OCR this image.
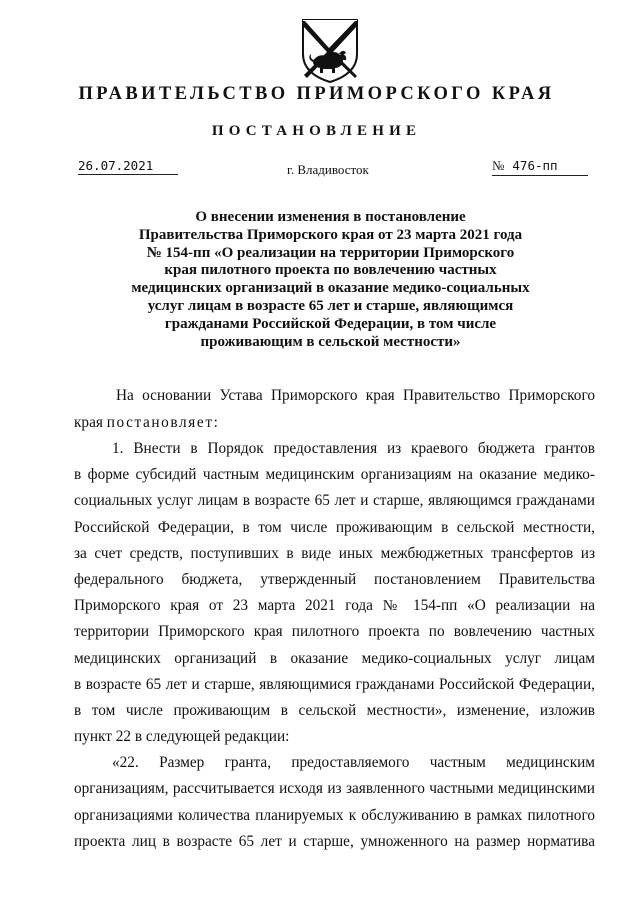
ПРАВИТЕЛЬСТВО ПРИМОРСКОГО КРАЯ
ПОСТАНОВЛЕНИЕ
26.07.2021	г. Владивосток	№ 476-пп
О внесении изменения в постановление
Правительства Приморского края от 23 марта 2021 года
№ 154-пп «О реализации на территории Приморского
края пилотного проекта по вовлечению частных
медицинских организаций в оказание медико-социальных
услуг лицам в возрасте 65 лет и старше, являющимся
гражданами Российской Федерации, в том числе
проживающим в сельской местности»
На основании Устава Приморского края Правительство Приморского
края постановляет:
1. Внести в Порядок предоставления из краевого бюджета грантов
в форме субсидий частным медицинским организациям на оказание медико-
социальных услуг лицам в возрасте 65 лет и старше, являющимся гражданами
Российской Федерации, в том числе проживающим в сельской местности,
за счет средств, поступивших в виде иных межбюджетных трансфертов из
федерального бюджета, утвержденный постановлением Правительства
Приморского края от 23 марта 2021 года № 154-пп «О реализации на
территории Приморского края пилотного проекта по вовлечению частных
медицинских организаций в оказание медико-социальных услуг лицам
в возрасте 65 лет и старше, являющимися гражданами Российской Федерации,
в том числе проживающим в сельской местности», изменение, изложив
пункт 22 в следующей редакции:
«22. Размер гранта, предоставляемого частным медицинским
организациям, рассчитывается исходя из заявленного частными медицинскими
организациями количества планируемых к обслуживанию в рамках пилотного
проекта лиц в возрасте 65 лет и старше, умноженного на размер норматива
